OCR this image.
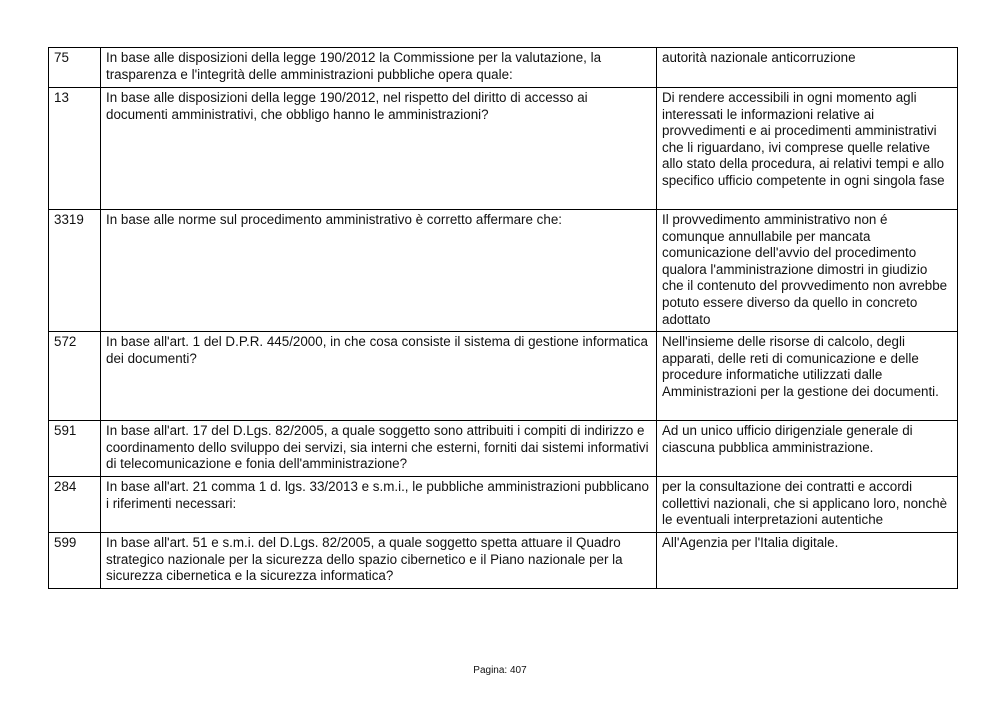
75	In base alle disposizioni della legge 190/2012 la Commissione per la valutazione, la trasparenza e l'integrità delle amministrazioni pubbliche opera quale:	autorità nazionale anticorruzione
13	In base alle disposizioni della legge 190/2012, nel rispetto del diritto di accesso ai documenti amministrativi, che obbligo hanno le amministrazioni?	Di rendere accessibili in ogni momento agli interessati le informazioni relative ai provvedimenti e ai procedimenti amministrativi che li riguardano, ivi comprese quelle relative allo stato della procedura, ai relativi tempi e allo specifico ufficio competente in ogni singola fase
3319	In base alle norme sul procedimento amministrativo è corretto affermare che:	Il provvedimento amministrativo non é comunque annullabile per mancata comunicazione dell'avvio del procedimento qualora l'amministrazione dimostri in giudizio che il contenuto del provvedimento non avrebbe potuto essere diverso da quello in concreto adottato
572	In base all'art. 1 del D.P.R. 445/2000, in che cosa consiste il sistema di gestione informatica dei documenti?	Nell'insieme delle risorse di calcolo, degli apparati, delle reti di comunicazione e delle procedure informatiche utilizzati dalle Amministrazioni per la gestione dei documenti.
591	In base all'art. 17 del D.Lgs. 82/2005, a quale soggetto sono attribuiti i compiti di indirizzo e coordinamento dello sviluppo dei servizi, sia interni che esterni, forniti dai sistemi informativi di telecomunicazione e fonia dell'amministrazione?	Ad un unico ufficio dirigenziale generale di ciascuna pubblica amministrazione.
284	In base all'art. 21 comma 1 d. lgs. 33/2013 e s.m.i., le pubbliche amministrazioni pubblicano i riferimenti necessari:	per la consultazione dei contratti e accordi collettivi nazionali, che si applicano loro, nonchè le eventuali interpretazioni autentiche
599	In base all'art. 51 e s.m.i. del D.Lgs. 82/2005, a quale soggetto spetta attuare il Quadro strategico nazionale per la sicurezza dello spazio cibernetico e il Piano nazionale per la sicurezza cibernetica e la sicurezza informatica?	All'Agenzia per l'Italia digitale.
Pagina: 407
